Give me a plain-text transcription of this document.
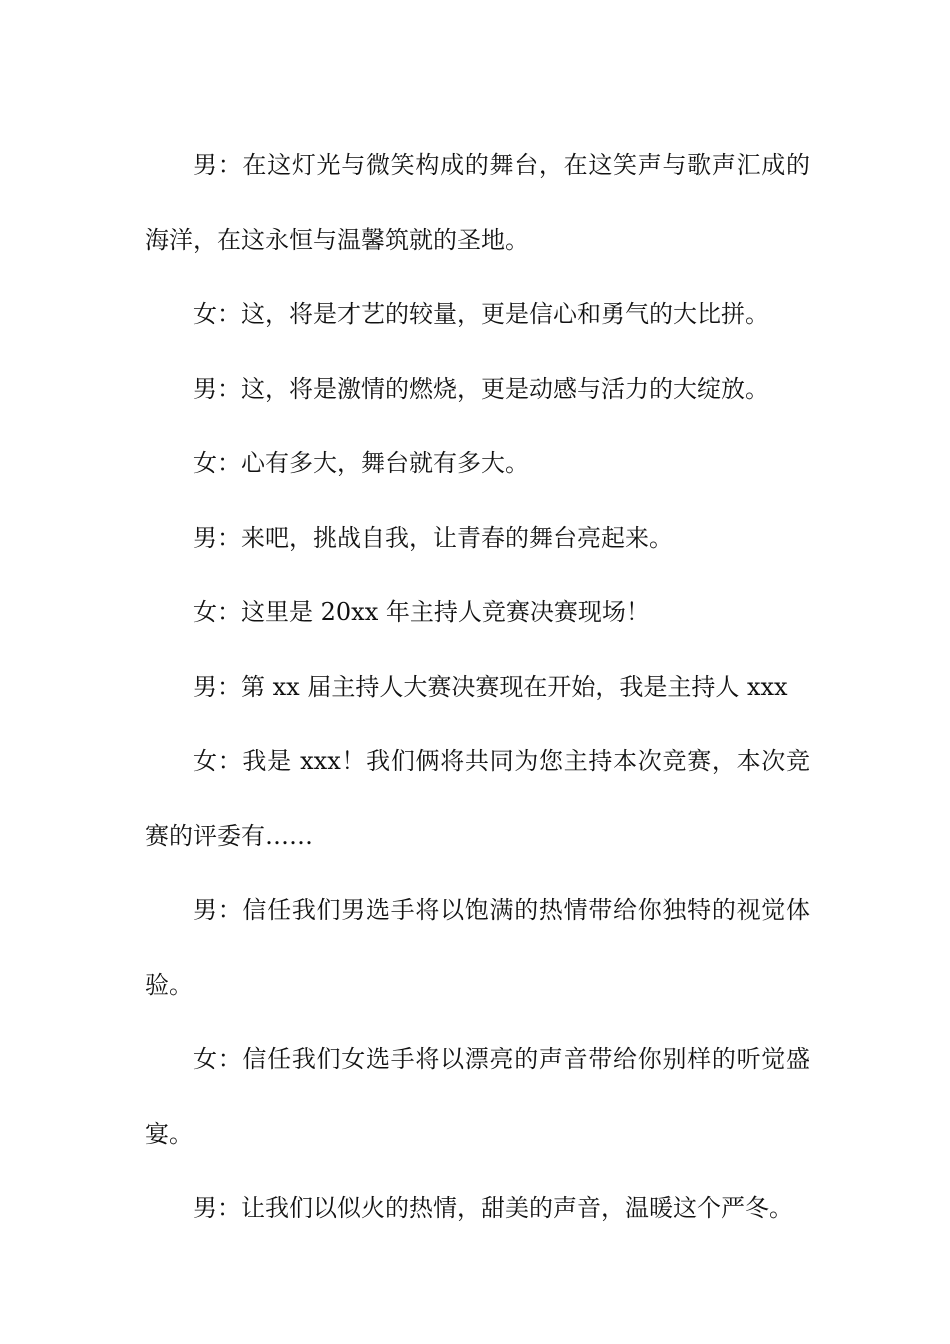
男：在这灯光与微笑构成的舞台，在这笑声与歌声汇成的海洋，在这永恒与温馨筑就的圣地。

女：这，将是才艺的较量，更是信心和勇气的大比拼。

男：这，将是激情的燃烧，更是动感与活力的大绽放。

女：心有多大，舞台就有多大。

男：来吧，挑战自我，让青春的舞台亮起来。

女：这里是 20xx 年主持人竞赛决赛现场！

男：第 xx 届主持人大赛决赛现在开始，我是主持人 xxx

女：我是 xxx！我们俩将共同为您主持本次竞赛，本次竞赛的评委有……

男：信任我们男选手将以饱满的热情带给你独特的视觉体验。

女：信任我们女选手将以漂亮的声音带给你别样的听觉盛宴。

男：让我们以似火的热情，甜美的声音，温暖这个严冬。
